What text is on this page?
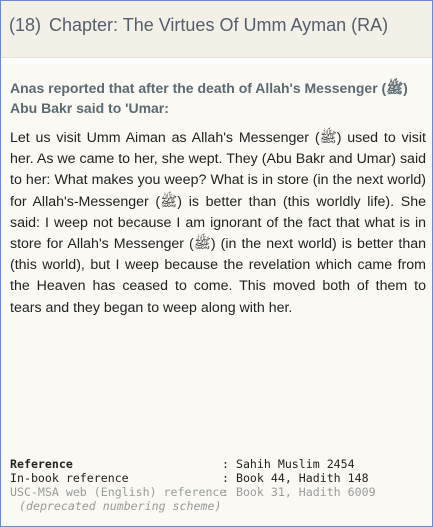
(18) Chapter: The Virtues Of Umm Ayman (RA)
Anas reported that after the death of Allah's Messenger (ﷺ) Abu Bakr said to 'Umar:
Let us visit Umm Aiman as Allah's Messenger (ﷺ) used to visit her. As we came to her, she wept. They (Abu Bakr and Umar) said to her: What makes you weep? What is in store (in the next world) for Allah's-Messenger (ﷺ) is better than (this worldly life). She said: I weep not because I am ignorant of the fact that what is in store for Allah's Messenger (ﷺ) (in the next world) is better than (this world), but I weep because the revelation which came from the Heaven has ceased to come. This moved both of them to tears and they began to weep along with her.
Reference	: Sahih Muslim 2454
In-book reference	: Book 44, Hadith 148
USC-MSA web (English) reference
: Book 31, Hadith 6009
(deprecated numbering scheme)
